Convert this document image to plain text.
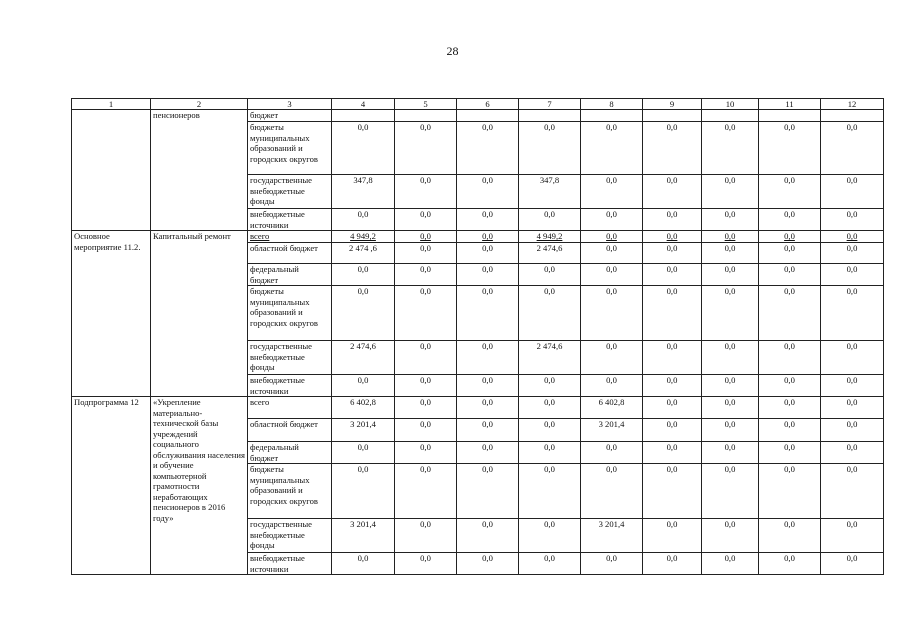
28
1	2	3	4	5	6	7	8	9	10	11	12
	пенсионеров	бюджет									
		бюджеты муниципальных образований и городских округов	0,0	0,0	0,0	0,0	0,0	0,0	0,0	0,0	0,0
		государственные внебюджетные фонды	347,8	0,0	0,0	347,8	0,0	0,0	0,0	0,0	0,0
		внебюджетные источники	0,0	0,0	0,0	0,0	0,0	0,0	0,0	0,0	0,0
Основное мероприятие 11.2.	Капитальный ремонт	всего	4 949,2	0,0	0,0	4 949,2	0,0	0,0	0,0	0,0	0,0
		областной бюджет	2 474 ,6	0,0	0,0	2 474,6	0,0	0,0	0,0	0,0	0,0
		федеральный бюджет	0,0	0,0	0,0	0,0	0,0	0,0	0,0	0,0	0,0
		бюджеты муниципальных образований и городских округов	0,0	0,0	0,0	0,0	0,0	0,0	0,0	0,0	0,0
		государственные внебюджетные фонды	2 474,6	0,0	0,0	2 474,6	0,0	0,0	0,0	0,0	0,0
		внебюджетные источники	0,0	0,0	0,0	0,0	0,0	0,0	0,0	0,0	0,0
Подпрограмма 12	«Укрепление материально-технической базы учреждений социального обслуживания населения и обучение компьютерной грамотности неработающих пенсионеров в 2016 году»	всего	6 402,8	0,0	0,0	0,0	6 402,8	0,0	0,0	0,0	0,0
		областной бюджет	3 201,4	0,0	0,0	0,0	3 201,4	0,0	0,0	0,0	0,0
		федеральный бюджет	0,0	0,0	0,0	0,0	0,0	0,0	0,0	0,0	0,0
		бюджеты муниципальных образований и городских округов	0,0	0,0	0,0	0,0	0,0	0,0	0,0	0,0	0,0
		государственные внебюджетные фонды	3 201,4	0,0	0,0	0,0	3 201,4	0,0	0,0	0,0	0,0
		внебюджетные источники	0,0	0,0	0,0	0,0	0,0	0,0	0,0	0,0	0,0
